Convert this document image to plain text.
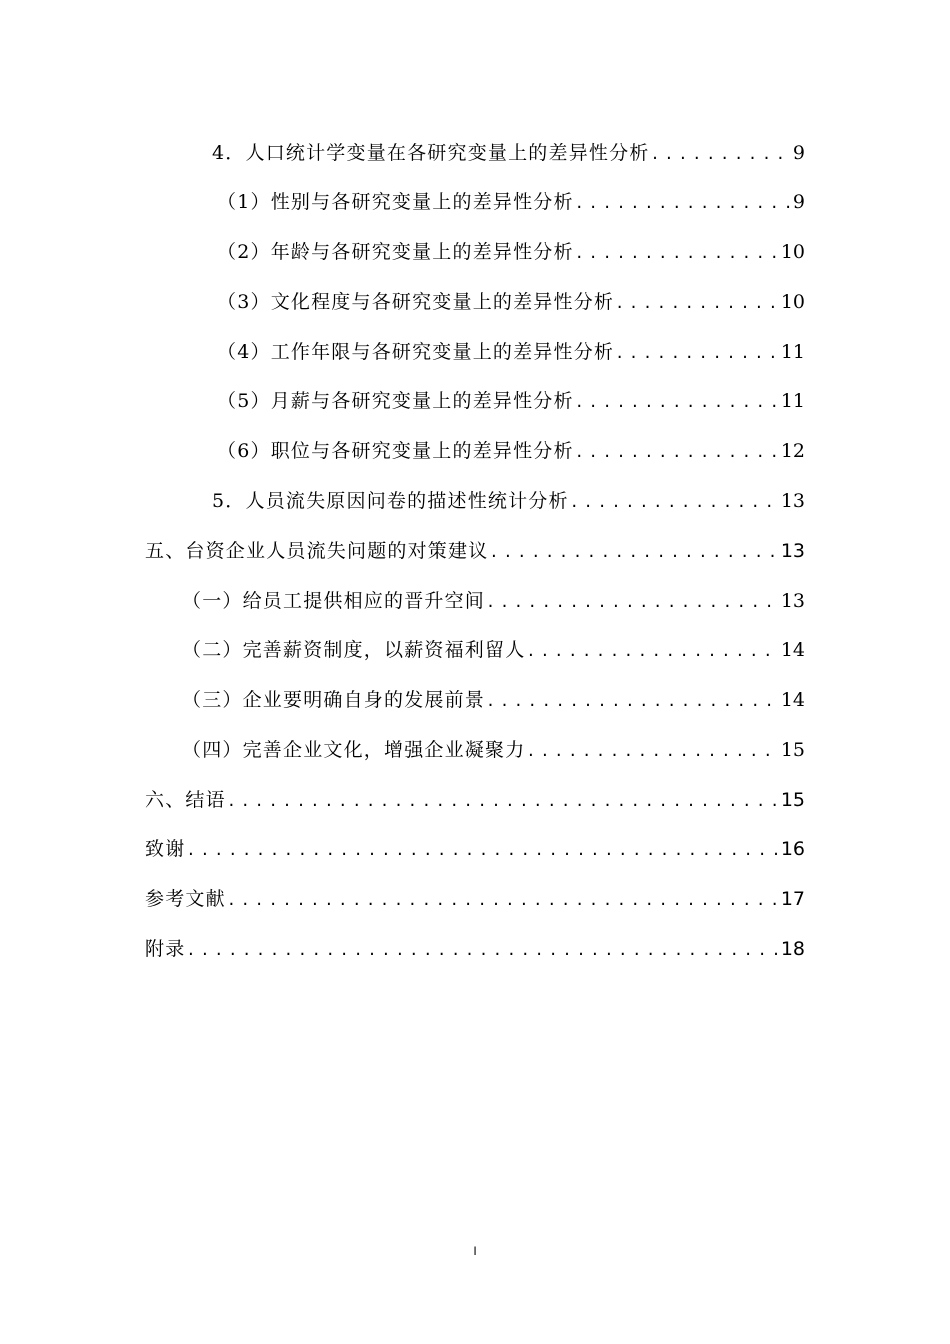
4．人口统计学变量在各研究变量上的差异性分析 .....	9
（1）性别与各研究变量上的差异性分析 .....	9
（2）年龄与各研究变量上的差异性分析 .....	10
（3）文化程度与各研究变量上的差异性分析 .....	10
（4）工作年限与各研究变量上的差异性分析 .....	11
（5）月薪与各研究变量上的差异性分析 .....	11
（6）职位与各研究变量上的差异性分析 .....	12
5．人员流失原因问卷的描述性统计分析 .....	13
五、台资企业人员流失问题的对策建议 .....	13
（一）给员工提供相应的晋升空间 .....	13
（二）完善薪资制度，以薪资福利留人 .....	14
（三）企业要明确自身的发展前景 .....	14
（四）完善企业文化，增强企业凝聚力 .....	15
六、结语 .....	15
致谢 .....	16
参考文献 .....	17
附录 .....	18
I
